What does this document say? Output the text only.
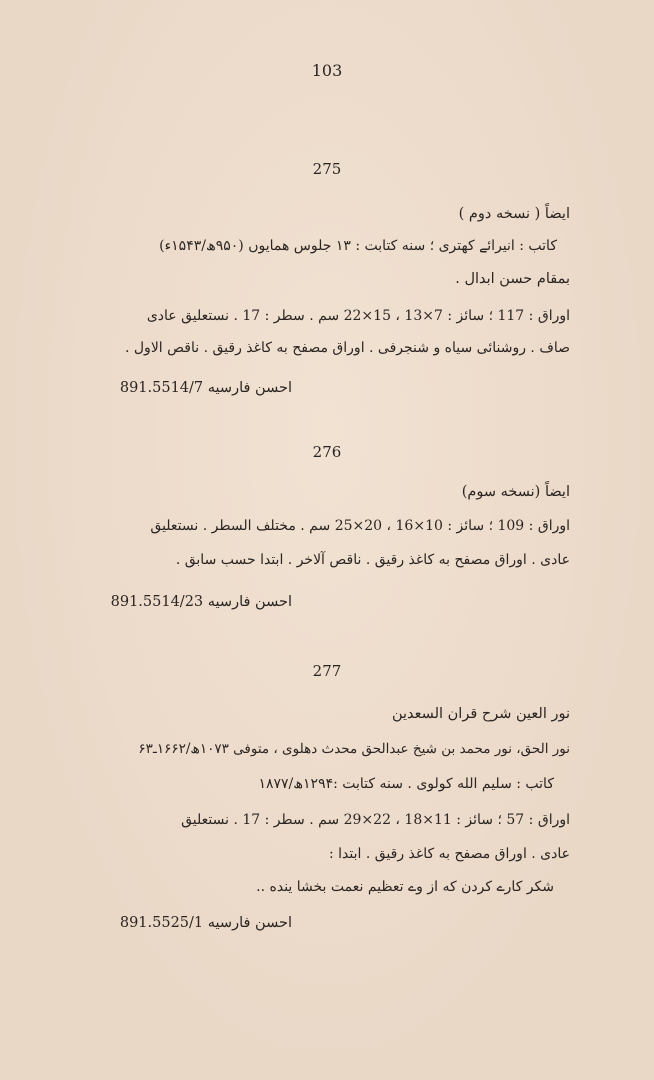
103
275
ایضاً ( نسخه دوم )
کاتب : انیرائے کھتری ؛ سنه کتابت : ۱۳ جلوس همایوں (۹۵۰ھ/۱۵۴۳ء)
بمقام حسن ابدال .
اوراق : 117 ؛ سائز : 7×13 ، 15×22 سم . سطر : 17 . نستعلیق عادی
صاف . روشنائی سیاه و شنجرفی . اوراق مصفح به کاغذ رقیق . ناقص الاول .
احسن فارسیه 891.5514/7
276
ایضاً (نسخه سوم)
اوراق : 109 ؛ سائز : 10×16 ، 20×25 سم . مختلف السطر . نستعلیق
عادی . اوراق مصفح به کاغذ رقیق . ناقص آلاخر . ابتدا حسب سابق .
احسن فارسیه 891.5514/23
277
نور العین شرح قران السعدین
نور الحق، نور محمد بن شیخ عبدالحق محدث دهلوی ، متوفی ۱۰۷۳ھ/۱۶۶۲ـ۶۳
کاتب : سلیم الله کولوی . سنه کتابت :۱۲۹۴ھ/۱۸۷۷
اوراق : 57 ؛ سائز : 11×18 ، 22×29 سم . سطر : 17 . نستعلیق
عادی . اوراق مصفح به کاغذ رقیق . ابتدا :
شکر کارے کردن که از وے تعظیم نعمت بخشا ینده ..
احسن فارسیه 891.5525/1
